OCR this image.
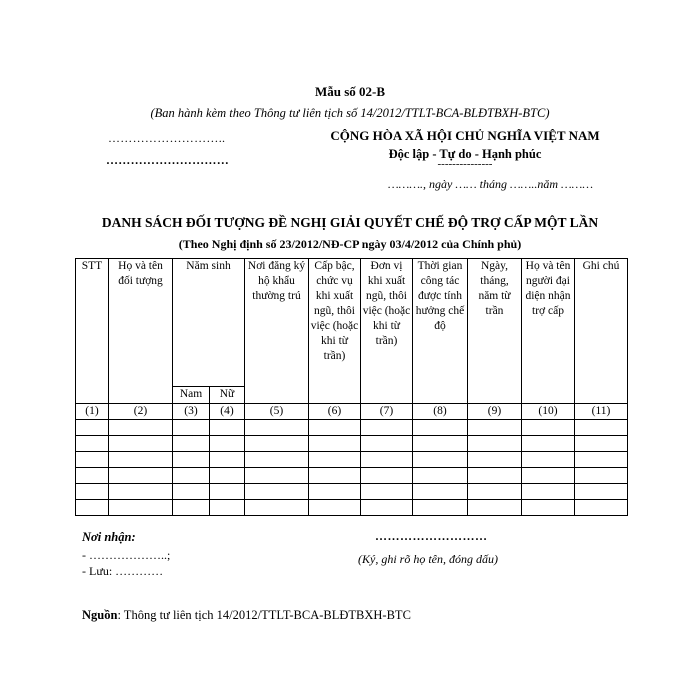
Mẫu số 02-B
(Ban hành kèm theo Thông tư liên tịch số 14/2012/TTLT-BCA-BLĐTBXH-BTC)
………………………..
…………………………
CỘNG HÒA XÃ HỘI CHỦ NGHĨA VIỆT NAM
Độc lập - Tự do - Hạnh phúc
---------------
………., ngày …… tháng ……..năm ………
DANH SÁCH ĐỐI TƯỢNG ĐỀ NGHỊ GIẢI QUYẾT CHẾ ĐỘ TRỢ CẤP MỘT LẦN
(Theo Nghị định số 23/2012/NĐ-CP ngày 03/4/2012 của Chính phủ)
STT	Họ và tên đối tượng	Năm sinh		Nơi đăng ký hộ khẩu thường trú	Cấp bậc, chức vụ khi xuất ngũ, thôi việc (hoặc khi từ trần)	Đơn vị khi xuất ngũ, thôi việc (hoặc khi từ trần)	Thời gian công tác được tính hưởng chế độ	Ngày, tháng, năm từ trần	Họ và tên người đại diện nhận trợ cấp	Ghi chú
		Nam	Nữ							
(1)	(2)	(3)	(4)	(5)	(6)	(7)	(8)	(9)	(10)	(11)

Nơi nhận:
- ………………..;
- Lưu: …………
………………………
(Ký, ghi rõ họ tên, đóng dấu)
Nguồn: Thông tư liên tịch 14/2012/TTLT-BCA-BLĐTBXH-BTC
